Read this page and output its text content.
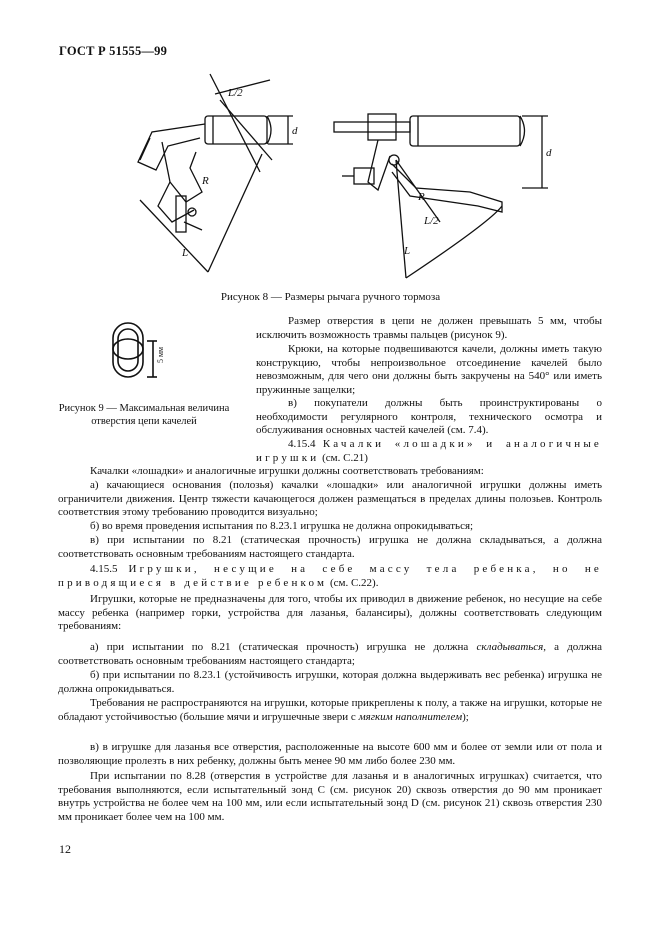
ГОСТ Р 51555—99
L/2
L
R
d
R
L/2
L
d
Рисунок 8 — Размеры рычага ручного тормоза
5 мм
Рисунок 9 — Максимальная величина отверстия цепи качелей

Размер отверстия в цепи не должен превышать 5 мм, чтобы исключить возможность травмы пальцев (рисунок 9).

Крюки, на которые подвешиваются качели, должны иметь такую конструкцию, чтобы непроизвольное отсоединение качелей было невозможным, для чего они должны быть закручены на 540° или иметь пружинные защелки;

в) покупатели должны быть проинструктированы о необходимости регулярного контроля, технического осмотра и обслуживания основных частей качелей (см. 7.4).

4.15.4 Качалки «лошадки» и аналогичные игрушки (см. С.21)

Качалки «лошадки» и аналогичные игрушки должны соответствовать требованиям:

а) качающиеся основания (полозья) качалки «лошадки» или аналогичной игрушки должны иметь ограничители движения. Центр тяжести качающегося должен размещаться в пределах длины полозьев. Контроль соответствия этому требованию проводится визуально;

б) во время проведения испытания по 8.23.1 игрушка не должна опрокидываться;

в) при испытании по 8.21 (статическая прочность) игрушка не должна складываться, а должна соответствовать основным требованиям настоящего стандарта.

4.15.5 Игрушки, несущие на себе массу тела ребенка, но не приводящиеся в действие ребенком (см. С.22).

Игрушки, которые не предназначены для того, чтобы их приводил в движение ребенок, но несущие на себе массу ребенка (например горки, устройства для лазанья, балансиры), должны соответствовать следующим требованиям:

а) при испытании по 8.21 (статическая прочность) игрушка не должна складываться, а должна соответствовать основным требованиям настоящего стандарта;

б) при испытании по 8.23.1 (устойчивость игрушки, которая должна выдерживать вес ребенка) игрушка не должна опрокидываться.

Требования не распространяются на игрушки, которые прикреплены к полу, а также на игрушки, которые не обладают устойчивостью (большие мячи и игрушечные звери с мягким наполнителем);

в) в игрушке для лазанья все отверстия, расположенные на высоте 600 мм и более от земли или от пола и позволяющие пролезть в них ребенку, должны быть менее 90 мм либо более 230 мм.

При испытании по 8.28 (отверстия в устройстве для лазанья и в аналогичных игрушках) считается, что требования выполняются, если испытательный зонд С (см. рисунок 20) сквозь отверстия до 90 мм проникает внутрь устройства не более чем на 100 мм, или если испытательный зонд D (см. рисунок 21) сквозь отверстия 230 мм проникает более чем на 100 мм.

12
